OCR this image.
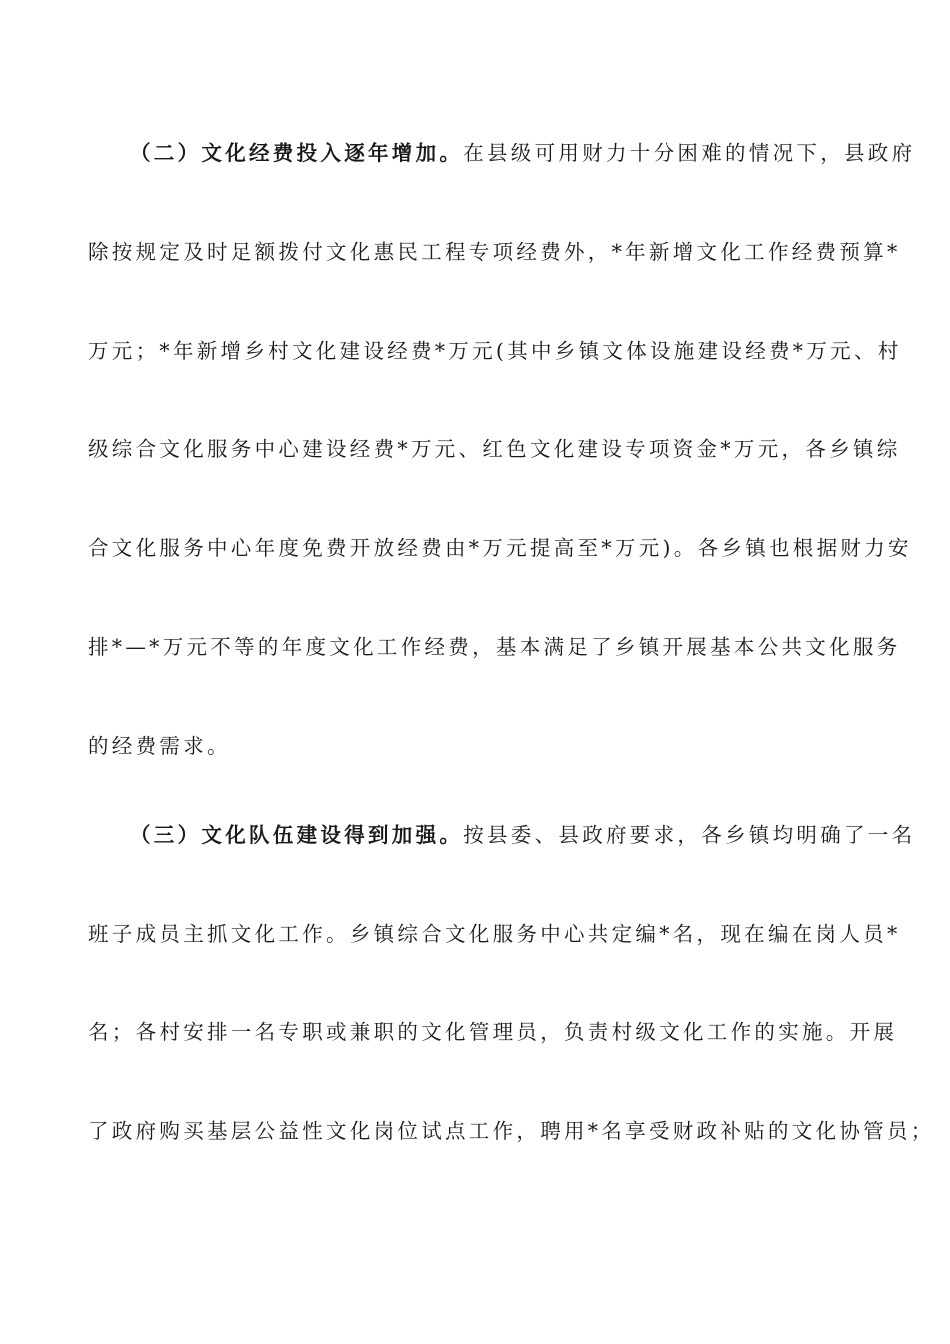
（二）文化经费投入逐年增加。在县级可用财力十分困难的情况下，县政府
除按规定及时足额拨付文化惠民工程专项经费外，*年新增文化工作经费预算*
万元；*年新增乡村文化建设经费*万元(其中乡镇文体设施建设经费*万元、村
级综合文化服务中心建设经费*万元、红色文化建设专项资金*万元，各乡镇综
合文化服务中心年度免费开放经费由*万元提高至*万元)。各乡镇也根据财力安
排*—*万元不等的年度文化工作经费，基本满足了乡镇开展基本公共文化服务
的经费需求。
（三）文化队伍建设得到加强。按县委、县政府要求，各乡镇均明确了一名
班子成员主抓文化工作。乡镇综合文化服务中心共定编*名，现在编在岗人员*
名；各村安排一名专职或兼职的文化管理员，负责村级文化工作的实施。开展
了政府购买基层公益性文化岗位试点工作，聘用*名享受财政补贴的文化协管员；
